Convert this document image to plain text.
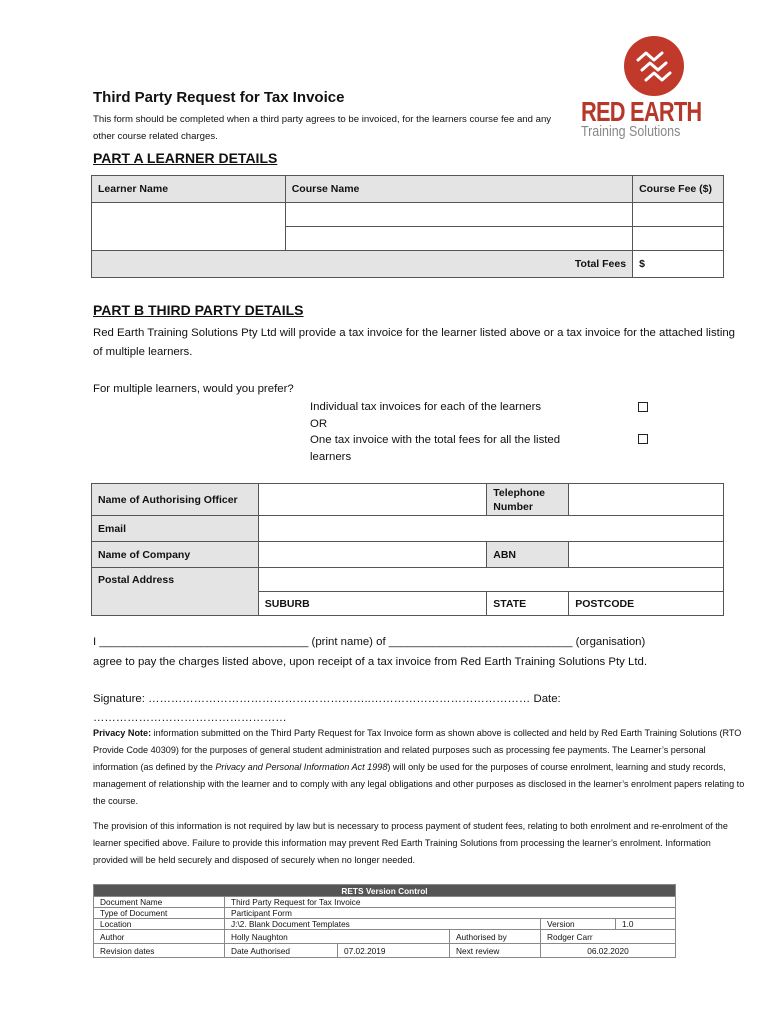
Third Party Request for Tax Invoice
This form should be completed when a third party agrees to be invoiced, for the learners course fee and any other course related charges.
RED EARTH
Training Solutions
PART A LEARNER DETAILS
Learner Name	Course Name	Course Fee ($)

Total Fees		$
PART B THIRD PARTY DETAILS
Red Earth Training Solutions Pty Ltd will provide a tax invoice for the learner listed above or a tax invoice for the attached listing of multiple learners.
For multiple learners, would you prefer?
Individual tax invoices for each of the learners
OR
One tax invoice with the total fees for all the listed learners
Name of Authorising Officer		Telephone Number	
Email			
Name of Company		ABN	
Postal Address			
	SUBURB	STATE	POSTCODE
I _________________________________ (print name) of _____________________________ (organisation)
agree to pay the charges listed above, upon receipt of a tax invoice from Red Earth Training Solutions Pty Ltd.
Signature: …………………………………………………..…………………………………… Date: ……………………………………………
Privacy Note: information submitted on the Third Party Request for Tax Invoice form as shown above is collected and held by Red Earth Training Solutions (RTO Provide Code 40309) for the purposes of general student administration and related purposes such as processing fee payments. The Learner’s personal information (as defined by the Privacy and Personal Information Act 1998) will only be used for the purposes of course enrolment, learning and study records, management of relationship with the learner and to comply with any legal obligations and other purposes as disclosed in the learner’s enrolment papers relating to the course.
The provision of this information is not required by law but is necessary to process payment of student fees, relating to both enrolment and re-enrolment of the learner specified above. Failure to provide this information may prevent Red Earth Training Solutions from processing the learner’s enrolment. Information provided will be held securely and disposed of securely when no longer needed.
RETS Version Control					
Document Name	Third Party Request for Tax Invoice				
Type of Document	Participant Form				
Location	J:\2. Blank Document Templates			Version	1.0
Author	Holly Naughton		Authorised by	Rodger Carr	
Revision dates	Date Authorised	07.02.2019	Next review	06.02.2020	
